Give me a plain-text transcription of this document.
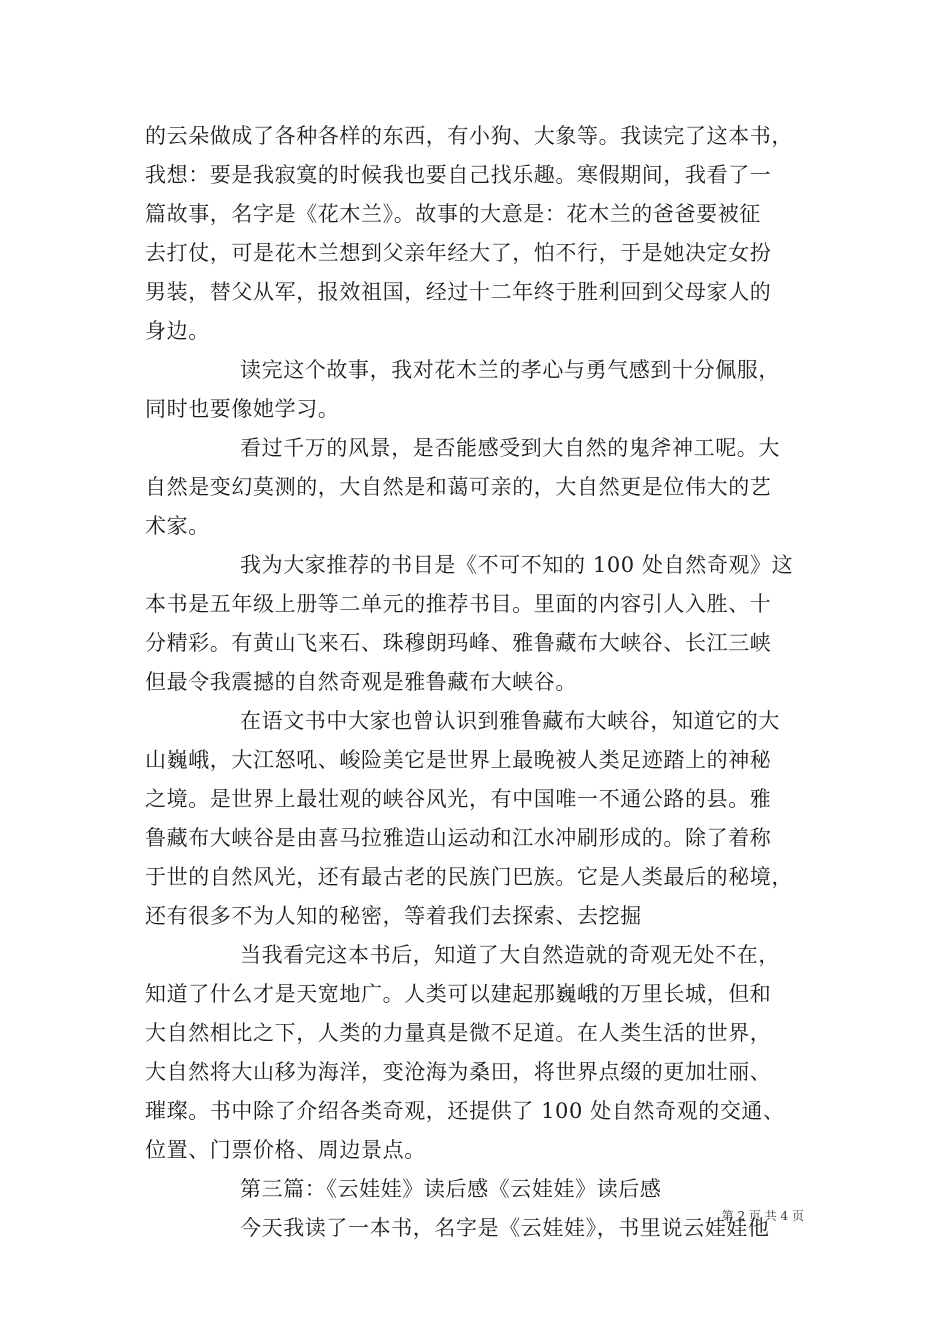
的云朵做成了各种各样的东西，有小狗、大象等。我读完了这本书，
我想：要是我寂寞的时候我也要自己找乐趣。寒假期间，我看了一
篇故事，名字是《花木兰》。故事的大意是：花木兰的爸爸要被征
去打仗，可是花木兰想到父亲年经大了，怕不行，于是她决定女扮
男装，替父从军，报效祖国，经过十二年终于胜利回到父母家人的
身边。
读完这个故事，我对花木兰的孝心与勇气感到十分佩服，
同时也要像她学习。
看过千万的风景，是否能感受到大自然的鬼斧神工呢。大
自然是变幻莫测的，大自然是和蔼可亲的，大自然更是位伟大的艺
术家。
我为大家推荐的书目是《不可不知的 100 处自然奇观》这
本书是五年级上册等二单元的推荐书目。里面的内容引人入胜、十
分精彩。有黄山飞来石、珠穆朗玛峰、雅鲁藏布大峡谷、长江三峡
但最令我震撼的自然奇观是雅鲁藏布大峡谷。
在语文书中大家也曾认识到雅鲁藏布大峡谷，知道它的大
山巍峨，大江怒吼、峻险美它是世界上最晚被人类足迹踏上的神秘
之境。是世界上最壮观的峡谷风光，有中国唯一不通公路的县。雅
鲁藏布大峡谷是由喜马拉雅造山运动和江水冲刷形成的。除了着称
于世的自然风光，还有最古老的民族门巴族。它是人类最后的秘境，
还有很多不为人知的秘密，等着我们去探索、去挖掘
当我看完这本书后，知道了大自然造就的奇观无处不在，
知道了什么才是天宽地广。人类可以建起那巍峨的万里长城，但和
大自然相比之下，人类的力量真是微不足道。在人类生活的世界，
大自然将大山移为海洋，变沧海为桑田，将世界点缀的更加壮丽、
璀璨。书中除了介绍各类奇观，还提供了 100 处自然奇观的交通、
位置、门票价格、周边景点。
第三篇：《云娃娃》读后感《云娃娃》读后感
今天我读了一本书，名字是《云娃娃》，书里说云娃娃他
第 2 页 共 4 页
